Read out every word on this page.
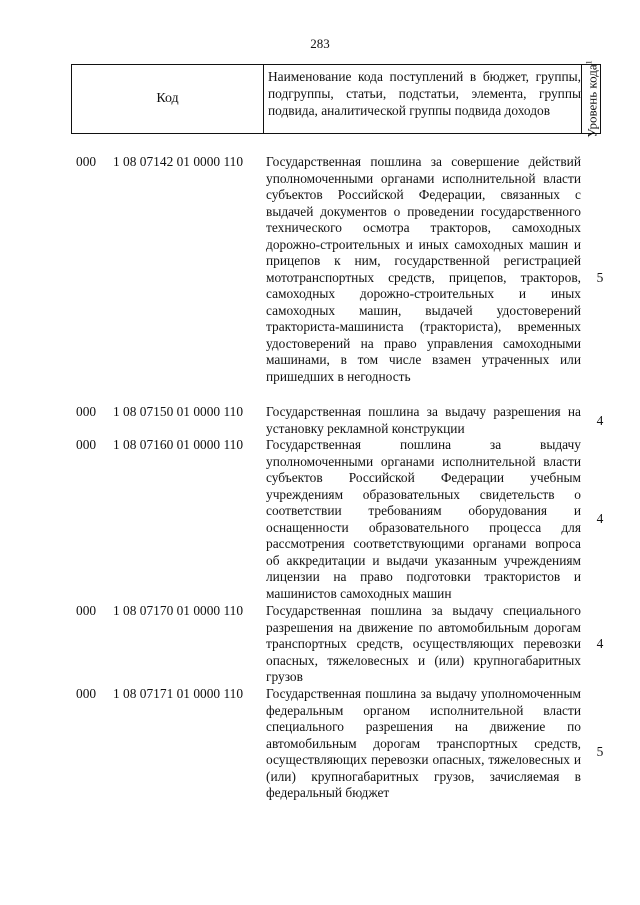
283
Код
Наименование кода поступлений в бюджет, группы, подгруппы, статьи, подстатьи, элемента, группы подвида, аналитической группы подвида доходов	Уровень кода$^1$
000 1 08 07142 01 0000 110 Государственная пошлина за совершение действий уполномоченными органами исполнительной власти субъектов Российской Федерации, связанных с выдачей документов о проведении государственного технического осмотра тракторов, самоходных дорожно-строительных и иных самоходных машин и прицепов к ним, государственной регистрацией мототранспортных средств, прицепов, тракторов, самоходных дорожно-строительных и иных самоходных машин, выдачей удостоверений тракториста-машиниста (тракториста), временных удостоверений на право управления самоходными машинами, в том числе взамен утраченных или пришедших в негодность
5
000 1 08 07150 01 0000 110 Государственная пошлина за выдачу разрешения на установку рекламной конструкции	4
000 1 08 07160 01 0000 110 Государственная пошлина за выдачу уполномоченными органами исполнительной власти субъектов Российской Федерации учебным учреждениям образовательных свидетельств о соответствии требованиям оборудования и оснащенности образовательного процесса для рассмотрения соответствующими органами вопроса об аккредитации и выдачи указанным учреждениям лицензии на право подготовки трактористов и машинистов самоходных машин
4
000 1 08 07170 01 0000 110 Государственная пошлина за выдачу специального разрешения на движение по автомобильным дорогам транспортных средств, осуществляющих перевозки опасных, тяжеловесных и (или) крупногабаритных грузов
4
000 1 08 07171 01 0000 110 Государственная пошлина за выдачу уполномоченным федеральным органом исполнительной власти специального разрешения на движение по автомобильным дорогам транспортных средств, осуществляющих перевозки опасных, тяжеловесных и (или) крупногабаритных грузов, зачисляемая в федеральный бюджет
5
